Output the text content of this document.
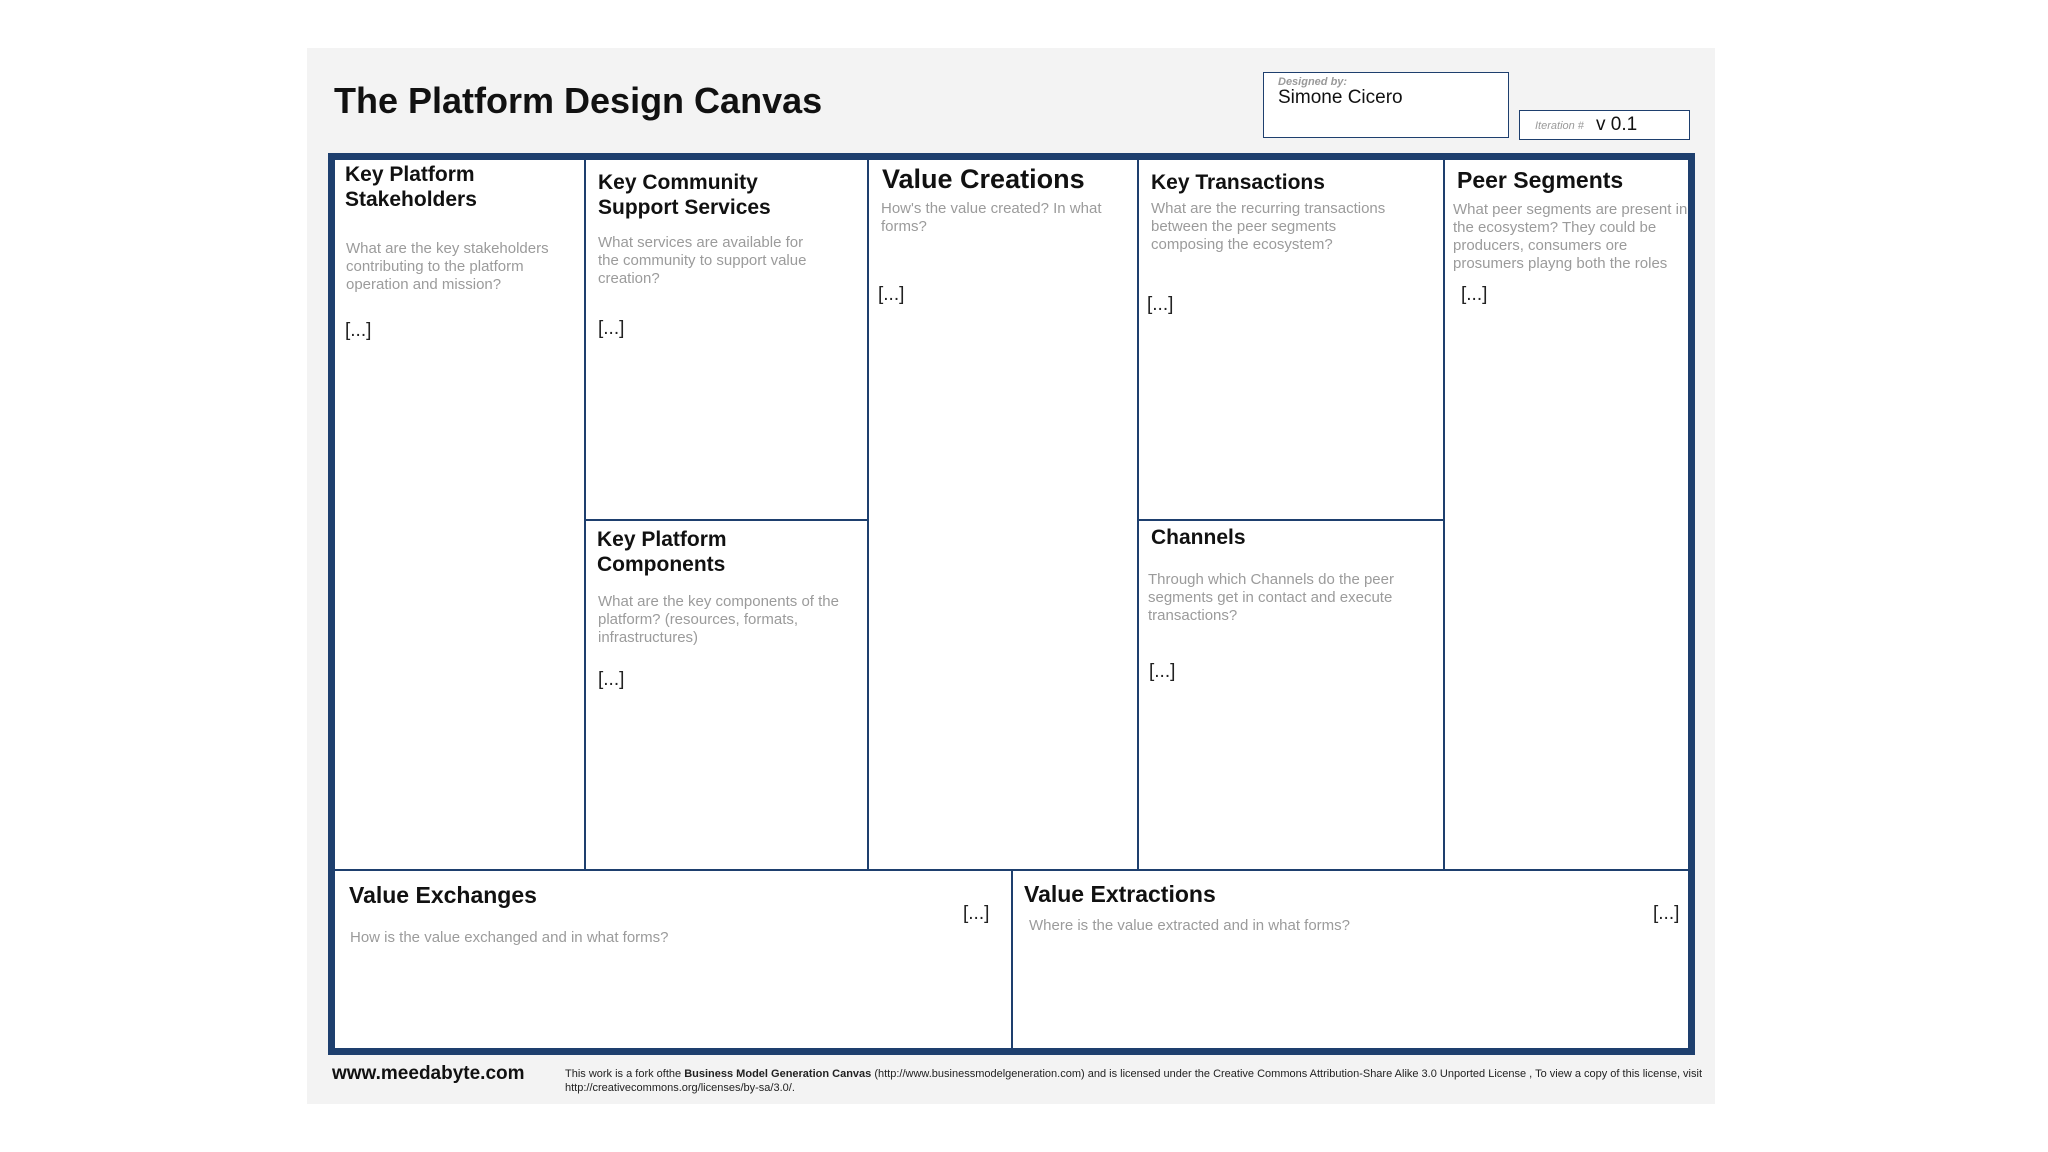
The Platform Design Canvas	Designed by:
Simone Cicero
Iteration # v 0.1
Key Platform Stakeholders

What are the key stakeholders contributing to the platform operation and mission?

[...]

Key Community Support Services

What services are available for the community to support value creation?

[...]

Key Platform Components

What are the key components of the platform? (resources, formats, infrastructures)

[...]

Value Creations

How's the value created? In what forms?

[...]

Key Transactions

What are the recurring transactions between the peer segments composing the ecosystem?

[...]

Channels

Through which Channels do the peer segments get in contact and execute transactions?

[...]

Peer Segments

What peer segments are present in the ecosystem? They could be producers, consumers ore prosumers playng both the roles

[...]

Value Exchanges

How is the value exchanged and in what forms?

[...]

Value Extractions

Where is the value extracted and in what forms?

[...]

www.meedabyte.com	This work is a fork ofthe Business Model Generation Canvas (http://www.businessmodelgeneration.com) and is licensed under the Creative Commons Attribution-Share Alike 3.0 Unported License , To view a copy of this license, visit http://creativecommons.org/licenses/by-sa/3.0/.
